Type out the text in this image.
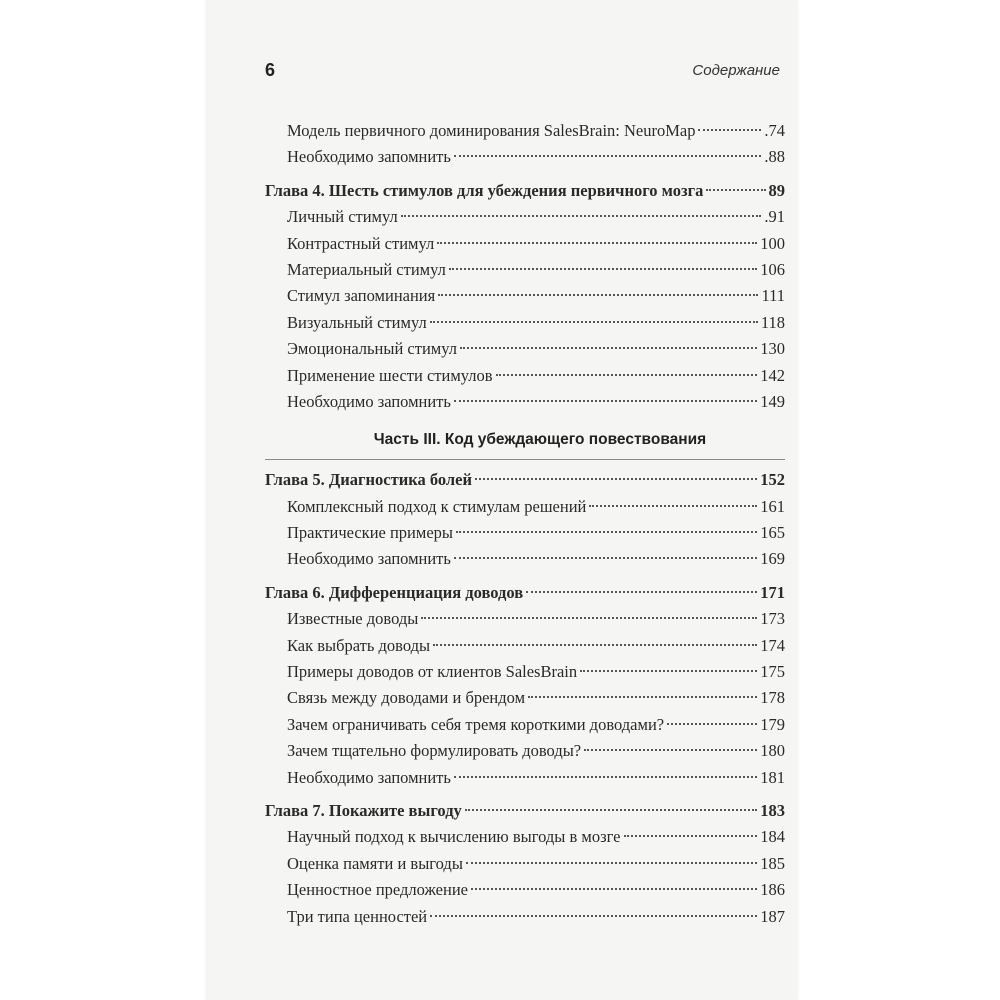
6	Содержание
Модель первичного доминирования SalesBrain: NeuroMap	.74
Необходимо запомнить	.88
Глава 4. Шесть стимулов для убеждения первичного мозга	89
Личный стимул	.91
Контрастный стимул	100
Материальный стимул	106
Стимул запоминания	111
Визуальный стимул	118
Эмоциональный стимул	130
Применение шести стимулов	142
Необходимо запомнить	149
Часть III. Код убеждающего повествования
Глава 5. Диагностика болей	152
Комплексный подход к стимулам решений	161
Практические примеры	165
Необходимо запомнить	169
Глава 6. Дифференциация доводов	171
Известные доводы	173
Как выбрать доводы	174
Примеры доводов от клиентов SalesBrain	175
Связь между доводами и брендом	178
Зачем ограничивать себя тремя короткими доводами?	179
Зачем тщательно формулировать доводы?	180
Необходимо запомнить	181
Глава 7. Покажите выгоду	183
Научный подход к вычислению выгоды в мозге	184
Оценка памяти и выгоды	185
Ценностное предложение	186
Три типа ценностей	187
